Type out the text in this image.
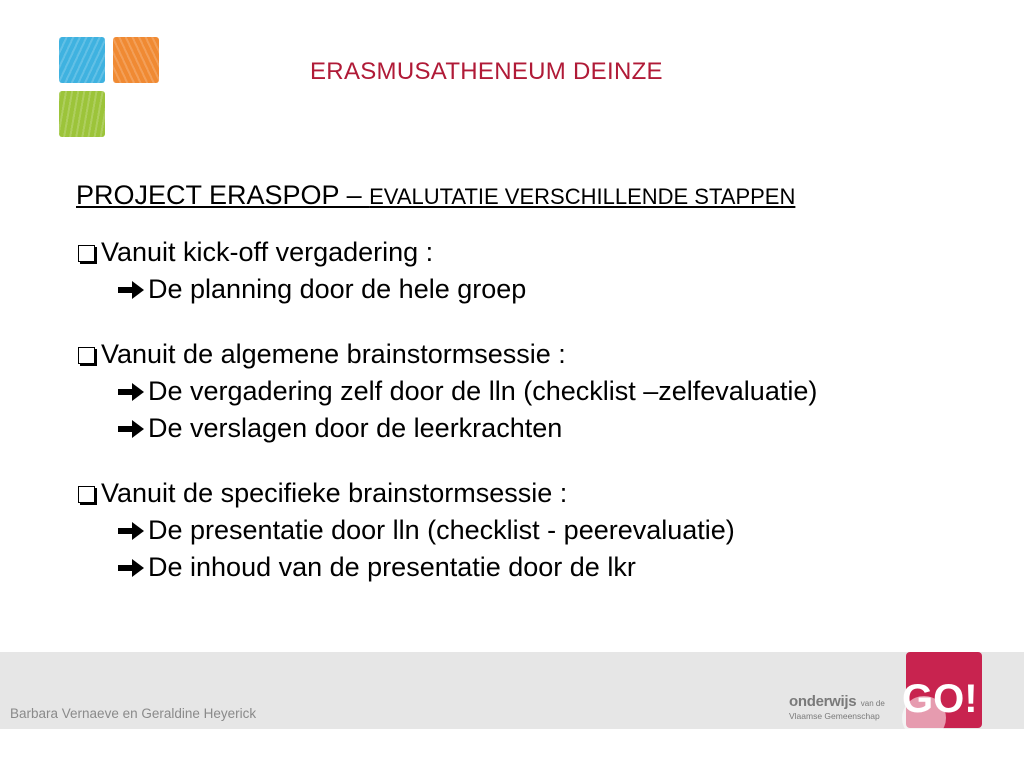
ERASMUSATHENEUM DEINZE
PROJECT ERASPOP – EVALUTATIE VERSCHILLENDE STAPPEN
Vanuit kick-off vergadering :
De planning door de hele groep
Vanuit de algemene brainstormsessie :
De vergadering zelf door de lln (checklist –zelfevaluatie)
De verslagen door de leerkrachten
Vanuit de specifieke brainstormsessie :
De presentatie door lln (checklist - peerevaluatie)
De inhoud van de presentatie door de lkr
Barbara Vernaeve en Geraldine Heyerick
onderwijs van de
Vlaamse Gemeenschap GO!
